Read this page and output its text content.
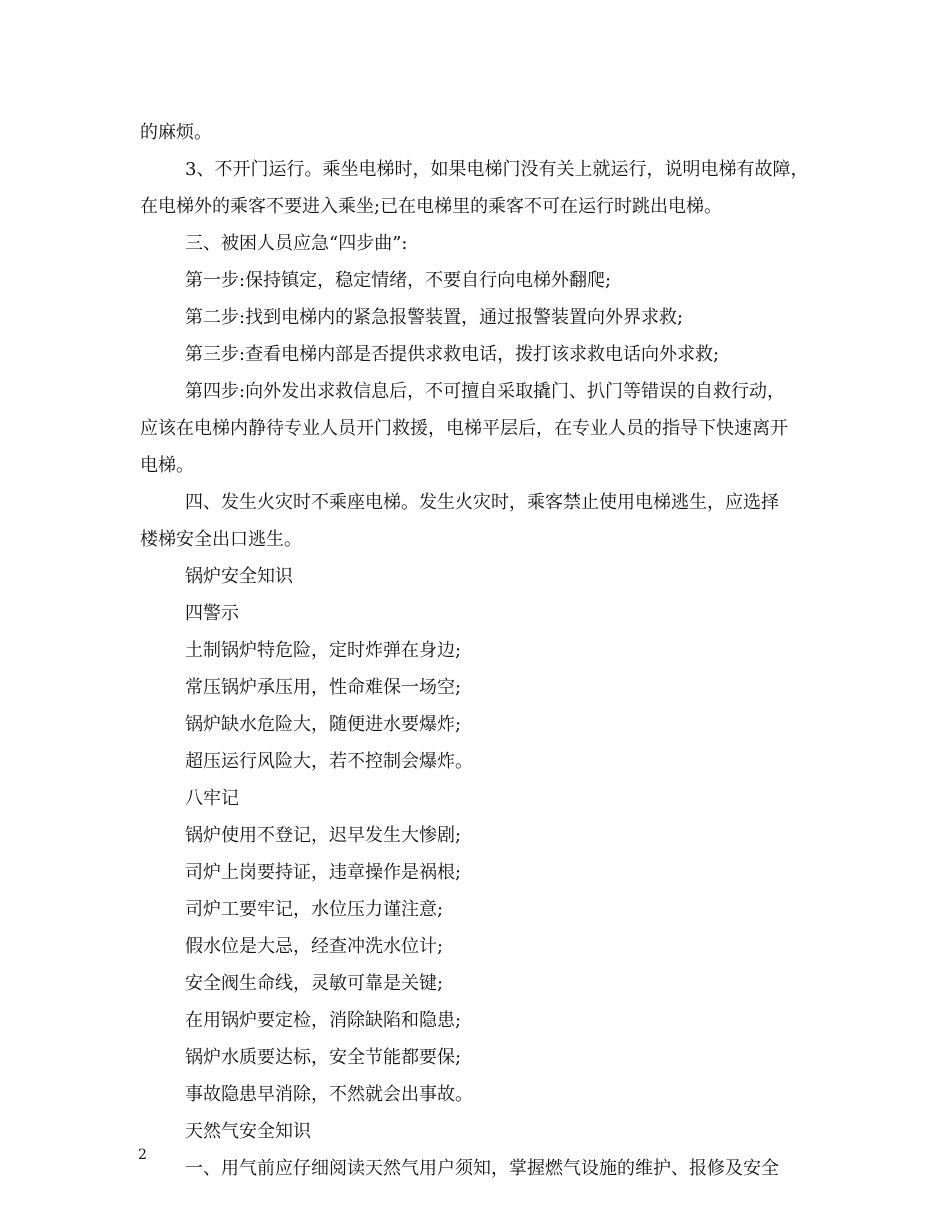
的麻烦。
3、不开门运行。乘坐电梯时，如果电梯门没有关上就运行，说明电梯有故障，
在电梯外的乘客不要进入乘坐;已在电梯里的乘客不可在运行时跳出电梯。
三、被困人员应急“四步曲”:
第一步:保持镇定，稳定情绪，不要自行向电梯外翻爬;
第二步:找到电梯内的紧急报警装置，通过报警装置向外界求救;
第三步:查看电梯内部是否提供求救电话，拨打该求救电话向外求救;
第四步:向外发出求救信息后，不可擅自采取撬门、扒门等错误的自救行动，
应该在电梯内静待专业人员开门救援，电梯平层后，在专业人员的指导下快速离开
电梯。
四、发生火灾时不乘座电梯。发生火灾时，乘客禁止使用电梯逃生，应选择
楼梯安全出口逃生。
锅炉安全知识
四警示
土制锅炉特危险，定时炸弹在身边;
常压锅炉承压用，性命难保一场空;
锅炉缺水危险大，随便进水要爆炸;
超压运行风险大，若不控制会爆炸。
八牢记
锅炉使用不登记，迟早发生大惨剧;
司炉上岗要持证，违章操作是祸根;
司炉工要牢记，水位压力谨注意;
假水位是大忌，经查冲洗水位计;
安全阀生命线，灵敏可靠是关键;
在用锅炉要定检，消除缺陷和隐患;
锅炉水质要达标，安全节能都要保;
事故隐患早消除，不然就会出事故。
天然气安全知识
一、用气前应仔细阅读天然气用户须知，掌握燃气设施的维护、报修及安全
2
